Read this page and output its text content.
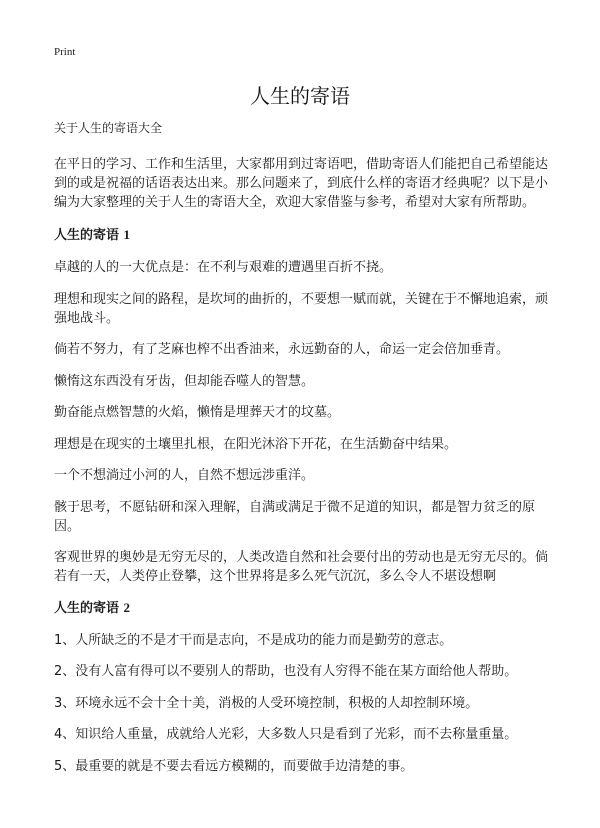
Print
人生的寄语
关于人生的寄语大全
在平日的学习、工作和生活里，大家都用到过寄语吧，借助寄语人们能把自己希望能达到的或是祝福的话语表达出来。那么问题来了，到底什么样的寄语才经典呢？以下是小编为大家整理的关于人生的寄语大全，欢迎大家借鉴与参考，希望对大家有所帮助。
人生的寄语 1
卓越的人的一大优点是：在不利与艰难的遭遇里百折不挠。
理想和现实之间的路程，是坎坷的曲折的，不要想一赋而就，关键在于不懈地追索，顽强地战斗。
倘若不努力，有了芝麻也榨不出香油来，永远勤奋的人，命运一定会倍加垂青。
懒惰这东西没有牙齿，但却能吞噬人的智慧。
勤奋能点燃智慧的火焰，懒惰是埋葬天才的坟墓。
理想是在现实的土壤里扎根，在阳光沐浴下开花，在生活勤奋中结果。
一个不想淌过小河的人，自然不想远涉重洋。
骸于思考，不愿钻研和深入理解，自满或满足于微不足道的知识，都是智力贫乏的原因。
客观世界的奥妙是无穷无尽的，人类改造自然和社会要付出的劳动也是无穷无尽的。倘若有一天，人类停止登攀，这个世界将是多么死气沉沉，多么令人不堪设想啊
人生的寄语 2
1、人所缺乏的不是才干而是志向，不是成功的能力而是勤劳的意志。
2、没有人富有得可以不要别人的帮助，也没有人穷得不能在某方面给他人帮助。
3、环境永远不会十全十美，消极的人受环境控制，积极的人却控制环境。
4、知识给人重量，成就给人光彩，大多数人只是看到了光彩，而不去称量重量。
5、最重要的就是不要去看远方模糊的，而要做手边清楚的事。
